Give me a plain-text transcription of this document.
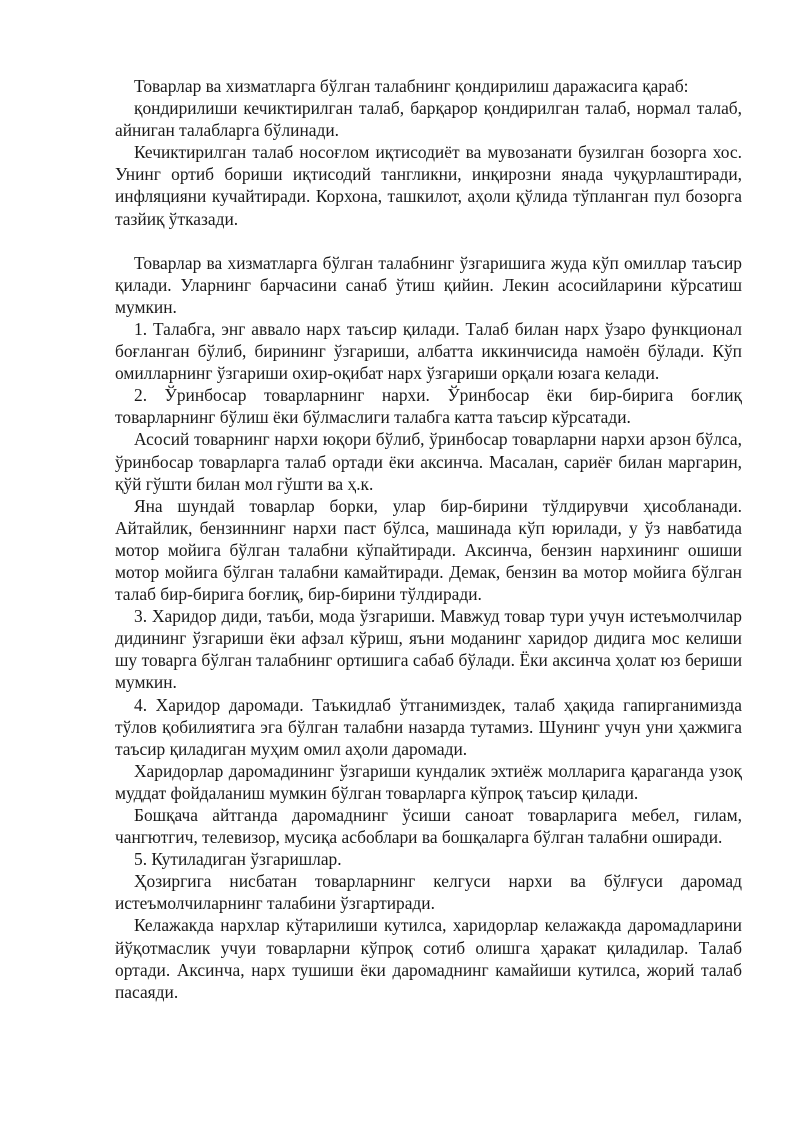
Товарлар ва хизматларга бўлган талабнинг қондирилиш даражасига қараб:

қондирилиши кечиктирилган талаб, барқарор қондирилган талаб, нормал талаб, айниган талабларга бўлинади.

Кечиктирилган талаб носоғлом иқтисодиёт ва мувозанати бузилган бозорга хос. Унинг ортиб бориши иқтисодий тангликни, инқирозни янада чуқурлаштиради, инфляцияни кучайтиради. Корхона, ташкилот, аҳоли қўлида тўпланган пул бозорга тазйиқ ўтказади.

Товарлар ва хизматларга бўлган талабнинг ўзгаришига жуда кўп омиллар таъсир қилади. Уларнинг барчасини санаб ўтиш қийин. Лекин асосийларини кўрсатиш мумкин.

1. Талабга, энг аввало нарх таъсир қилади. Талаб билан нарх ўзаро функционал боғланган бўлиб, бирининг ўзгариши, албатта иккинчисида намоён бўлади. Кўп омилларнинг ўзгариши охир-оқибат нарх ўзгариши орқали юзага келади.

2. Ўринбосар товарларнинг нархи. Ўринбосар ёки бир-бирига боғлиқ товарларнинг бўлиш ёки бўлмаслиги талабга катта таъсир кўрсатади.

Асосий товарнинг нархи юқори бўлиб, ўринбосар товарларни нархи арзон бўлса, ўринбосар товарларга талаб ортади ёки аксинча. Масалан, сариёғ билан маргарин, қўй гўшти билан мол гўшти ва ҳ.к.

Яна шундай товарлар борки, улар бир-бирини тўлдирувчи ҳисобланади. Айтайлик, бензиннинг нархи паст бўлса, машинада кўп юрилади, у ўз навбатида мотор мойига бўлган талабни кўпайтиради. Аксинча, бензин нархининг ошиши мотор мойига бўлган талабни камайтиради. Демак, бензин ва мотор мойига бўлган талаб бир-бирига боғлиқ, бир-бирини тўлдиради.

3. Харидор диди, таъби, мода ўзгариши. Мавжуд товар тури учун истеъмолчилар дидининг ўзгариши ёки афзал кўриш, яъни моданинг харидор дидига мос келиши шу товарга бўлган талабнинг ортишига сабаб бўлади. Ёки аксинча ҳолат юз бериши мумкин.

4. Харидор даромади. Таъкидлаб ўтганимиздек, талаб ҳақида гапирганимизда тўлов қобилиятига эга бўлган талабни назарда тутамиз. Шунинг учун уни ҳажмига таъсир қиладиган муҳим омил аҳоли даромади.

Харидорлар даромадининг ўзгариши кундалик эхтиёж молларига қараганда узоқ муддат фойдаланиш мумкин бўлган товарларга кўпроқ таъсир қилади.

Бошқача айтганда даромаднинг ўсиши саноат товарларига мебел, гилам, чангютгич, телевизор, мусиқа асбоблари ва бошқаларга бўлган талабни оширади.

5. Кутиладиган ўзгаришлар.

Ҳозиргига нисбатан товарларнинг келгуси нархи ва бўлғуси даромад истеъмолчиларнинг талабини ўзгартиради.

Келажакда нархлар кўтарилиши кутилса, харидорлар келажакда даромадларини йўқотмаслик учуи товарларни кўпроқ сотиб олишга ҳаракат қиладилар. Талаб ортади. Аксинча, нарх тушиши ёки даромаднинг камайиши кутилса, жорий талаб пасаяди.
